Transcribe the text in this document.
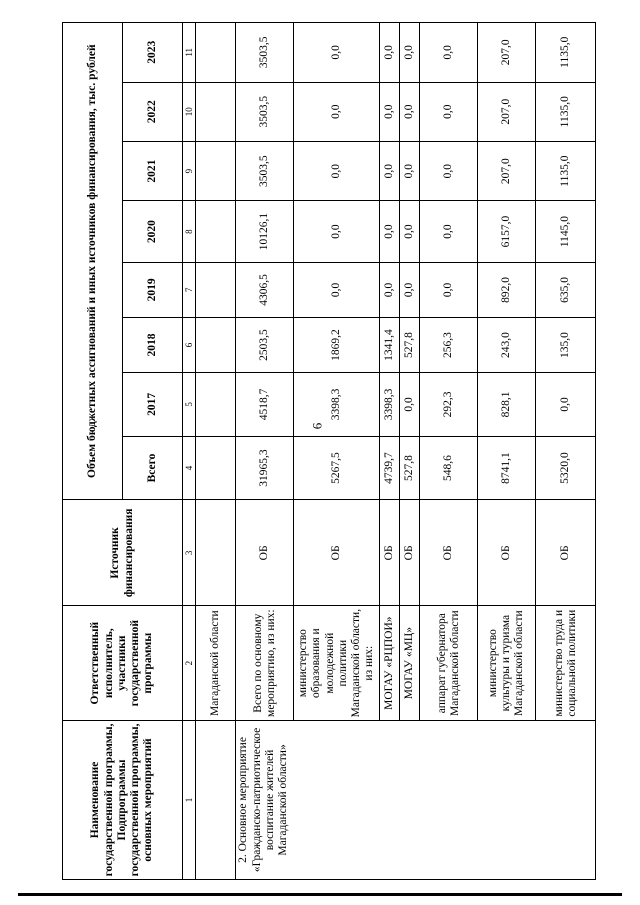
6
Наименование государственной программы, Подпрограммы государственной программы, основных мероприятий	Ответственный исполнитель, участники государственной программы	Источник финансирования	Объем бюджетных ассигнований и иных источников финансирования, тыс. рублей							
			Всего	2017	2018	2019	2020	2021	2022	2023
1	2	3	4	5	6	7	8	9	10	11
	Магаданской области									
2. Основное мероприятие «Гражданско-патриотическое воспитание жителей Магаданской области»	Всего по основному мероприятию, из них:	ОБ	31965,3	4518,7	2503,5	4306,5	10126,1	3503,5	3503,5	3503,5
	министерство образования и молодежной политики Магаданской области, из них:	ОБ	5267,5	3398,3	1869,2	0,0	0,0	0,0	0,0	0,0
	МОГАУ «РЦПОИ»	ОБ	4739,7	3398,3	1341,4	0,0	0,0	0,0	0,0	0,0
	МОГАУ «МЦ»	ОБ	527,8	0,0	527,8	0,0	0,0	0,0	0,0	0,0
	аппарат губернатора Магаданской области	ОБ	548,6	292,3	256,3	0,0	0,0	0,0	0,0	0,0
	министерство культуры и туризма Магаданской области	ОБ	8741,1	828,1	243,0	892,0	6157,0	207,0	207,0	207,0
	министерство труда и социальной политики	ОБ	5320,0	0,0	135,0	635,0	1145,0	1135,0	1135,0	1135,0
